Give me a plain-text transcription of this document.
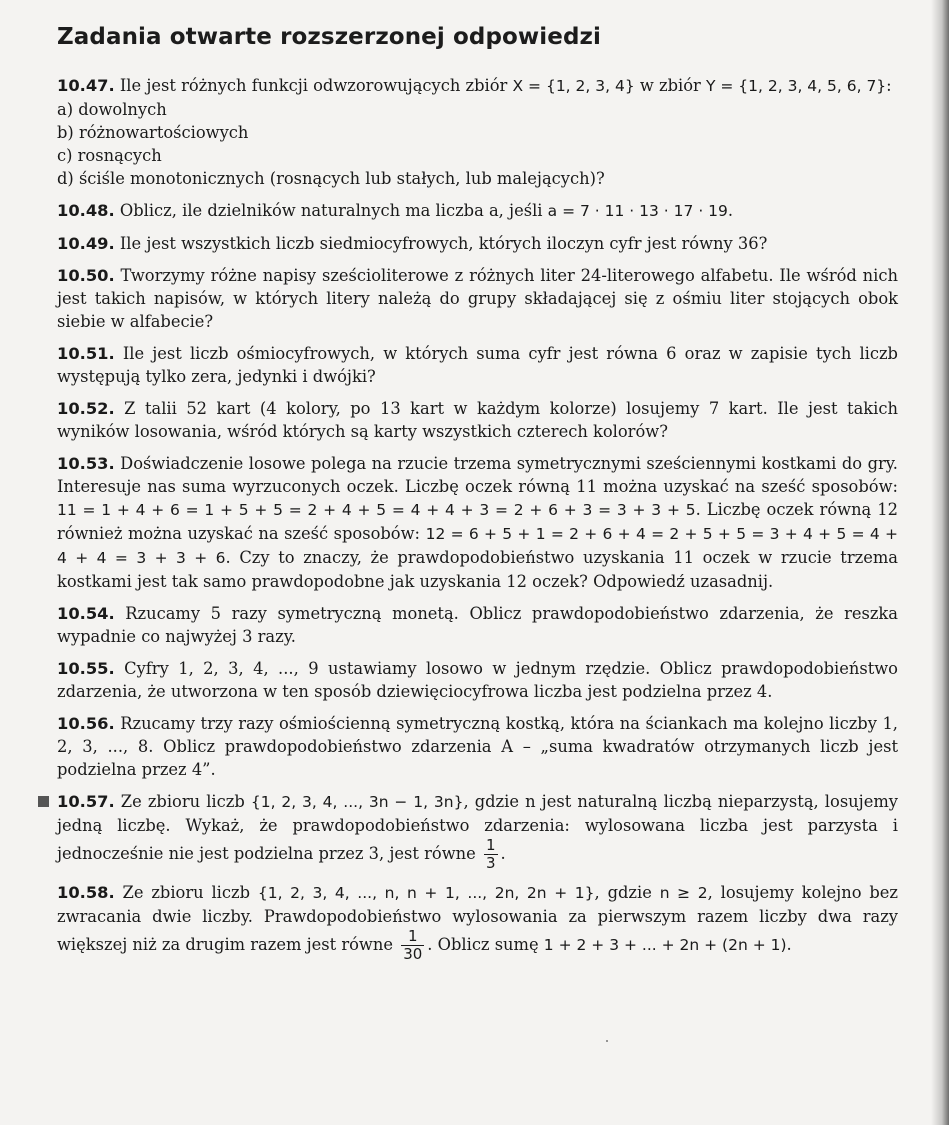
Zadania otwarte rozszerzonej odpowiedzi
10.47. Ile jest różnych funkcji odwzorowujących zbiór X = {1, 2, 3, 4} w zbiór Y = {1, 2, 3, 4, 5, 6, 7}:
a) dowolnych
b) różnowartościowych
c) rosnących
d) ściśle monotonicznych (rosnących lub stałych, lub malejących)?
10.48. Oblicz, ile dzielników naturalnych ma liczba a, jeśli a = 7 · 11 · 13 · 17 · 19.
10.49. Ile jest wszystkich liczb siedmiocyfrowych, których iloczyn cyfr jest równy 36?
10.50. Tworzymy różne napisy sześcioliterowe z różnych liter 24-literowego alfabetu. Ile wśród nich jest takich napisów, w których litery należą do grupy składającej się z ośmiu liter stojących obok siebie w alfabecie?
10.51. Ile jest liczb ośmiocyfrowych, w których suma cyfr jest równa 6 oraz w zapisie tych liczb występują tylko zera, jedynki i dwójki?
10.52. Z talii 52 kart (4 kolory, po 13 kart w każdym kolorze) losujemy 7 kart. Ile jest takich wyników losowania, wśród których są karty wszystkich czterech kolorów?
10.53. Doświadczenie losowe polega na rzucie trzema symetrycznymi sześciennymi kostkami do gry. Interesuje nas suma wyrzuconych oczek. Liczbę oczek równą 11 można uzyskać na sześć sposobów: 11 = 1 + 4 + 6 = 1 + 5 + 5 = 2 + 4 + 5 = 4 + 4 + 3 = 2 + 6 + 3 = 3 + 3 + 5. Liczbę oczek równą 12 również można uzyskać na sześć sposobów: 12 = 6 + 5 + 1 = 2 + 6 + 4 = 2 + 5 + 5 = 3 + 4 + 5 = 4 + 4 + 4 = 3 + 3 + 6. Czy to znaczy, że prawdopodobieństwo uzyskania 11 oczek w rzucie trzema kostkami jest tak samo prawdopodobne jak uzyskania 12 oczek? Odpowiedź uzasadnij.
10.54. Rzucamy 5 razy symetryczną monetą. Oblicz prawdopodobieństwo zdarzenia, że reszka wypadnie co najwyżej 3 razy.
10.55. Cyfry 1, 2, 3, 4, ..., 9 ustawiamy losowo w jednym rzędzie. Oblicz prawdopodobieństwo zdarzenia, że utworzona w ten sposób dziewięciocyfrowa liczba jest podzielna przez 4.
10.56. Rzucamy trzy razy ośmiościenną symetryczną kostką, która na ściankach ma kolejno liczby 1, 2, 3, ..., 8. Oblicz prawdopodobieństwo zdarzenia A – „suma kwadratów otrzymanych liczb jest podzielna przez 4”.
10.57. Ze zbioru liczb {1, 2, 3, 4, ..., 3n − 1, 3n}, gdzie n jest naturalną liczbą nieparzystą, losujemy jedną liczbę. Wykaż, że prawdopodobieństwo zdarzenia: wylosowana liczba jest parzysta i jednocześnie nie jest podzielna przez 3, jest równe $\frac{1}{3}$ .
10.58. Ze zbioru liczb {1, 2, 3, 4, ..., n, n + 1, ..., 2n, 2n + 1}, gdzie n ≥ 2, losujemy kolejno bez zwracania dwie liczby. Prawdopodobieństwo wylosowania za pierwszym razem liczby dwa razy większej niż za drugim razem jest równe $\frac{1}{30}$ . Oblicz sumę 1 + 2 + 3 + ... + 2n + (2n + 1).
